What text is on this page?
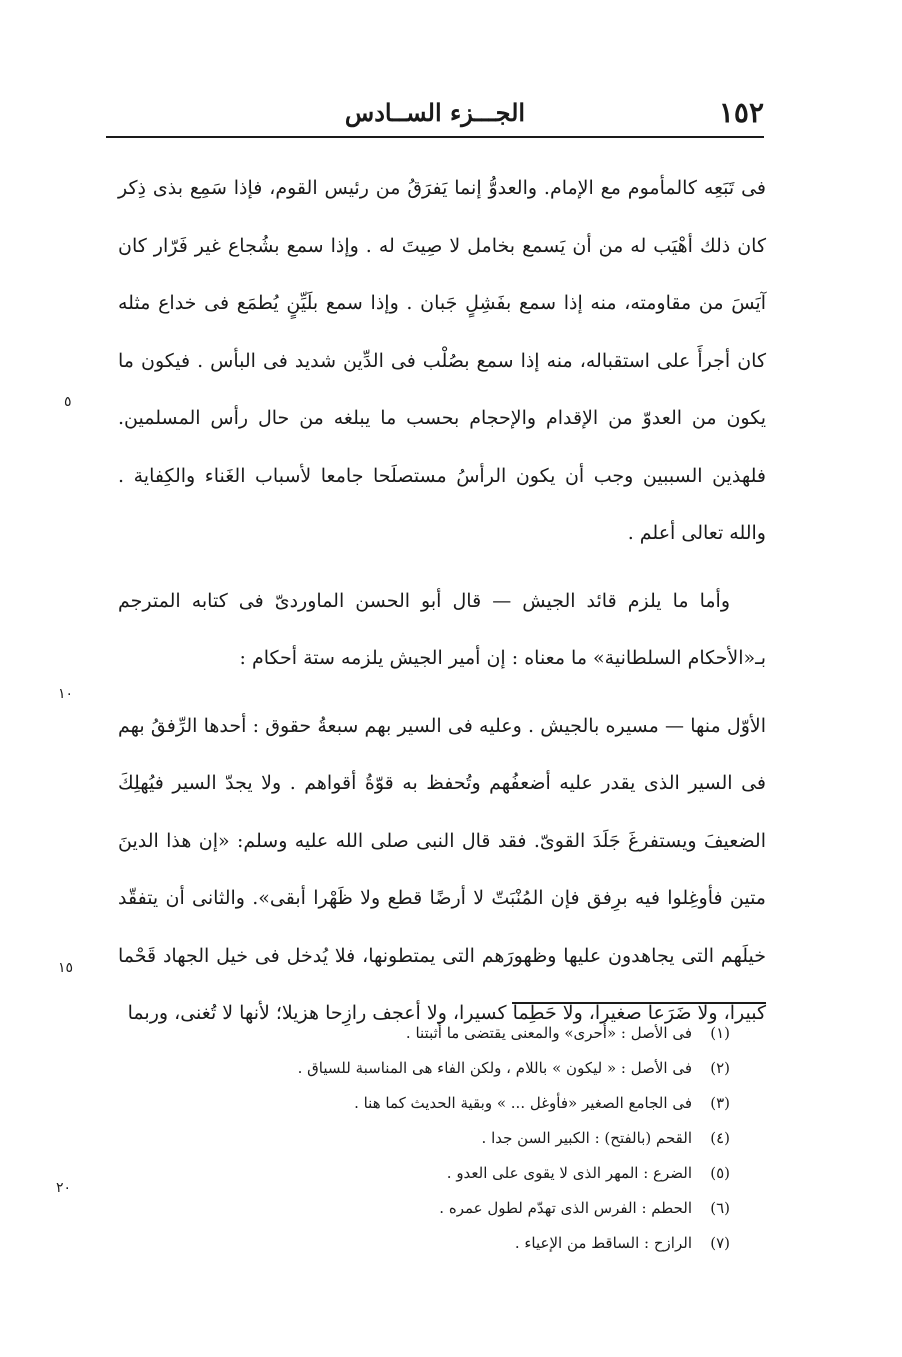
١٥٢
الجـــزء الســادس

فى تَبَعِه كالمأموم مع الإمام. والعدوُّ إنما يَفرَقُ من رئيس القوم، فإذا سَمِع بذى ذِكر كان ذلك أهْيَب له من أن يَسمع بخامل لا صِيتَ له . وإذا سمع بشُجاع غير فَرّار كان آيَسَ من مقاومته، منه إذا سمع بفَشِلٍ جَبان . وإذا سمع بلَيِّنٍ يُطمَع فى خداع مثله كان أجرأَ على استقباله، منه إذا سمع بصُلْب فى الدِّين شديد فى البأس . فيكون ما يكون من العدوّ من الإقدام والإحجام بحسب ما يبلغه من حال رأس المسلمين. فلهذين السببين وجب أن يكون الرأسُ مستصلَحا جامعا لأسباب الغَناء والكِفاية . والله تعالى أعلم .

وأما ما يلزم قائد الجيش — قال أبو الحسن الماوردىّ فى كتابه المترجم بـ«الأحكام السلطانية» ما معناه : إن أمير الجيش يلزمه ستة أحكام :

الأوّل منها — مسيره بالجيش . وعليه فى السير بهم سبعةُ حقوق : أحدها الرِّفقُ بهم فى السير الذى يقدر عليه أضعفُهم وتُحفظ به قوّةُ أقواهم . ولا يجدّ السير فيُهلِكَ الضعيفَ ويستفرغَ جَلَدَ القوىّ. فقد قال النبى صلى الله عليه وسلم: «إن هذا الدينَ متين فأوغِلوا فيه برِفق فإن المُنْبَتّ لا أرضًا قطع ولا ظَهْرا أبقى». والثانى أن يتفقّد خيلَهم التى يجاهدون عليها وظهورَهم التى يمتطونها، فلا يُدخل فى خيل الجهاد قَحْما كبيرا، ولا ضَرَعا صغيرا، ولا حَطِما كسيرا، ولا أعجف رازِحا هزيلا؛ لأنها لا تُغنى، وربما

٥
١٠
١٥
٢٠
(١)فى الأصل : «أحرى» والمعنى يقتضى ما أثبتنا .
(٢)فى الأصل : « ليكون » باللام ، ولكن الفاء هى المناسبة للسياق .
(٣)فى الجامع الصغير «فأوغل ... » وبقية الحديث كما هنا .
(٤)القحم (بالفتح) : الكبير السن جدا .
(٥)الضرع : المهر الذى لا يقوى على العدو .
(٦)الحطم : الفرس الذى تهدّم لطول عمره .
(٧)الرازح : الساقط من الإعياء .
